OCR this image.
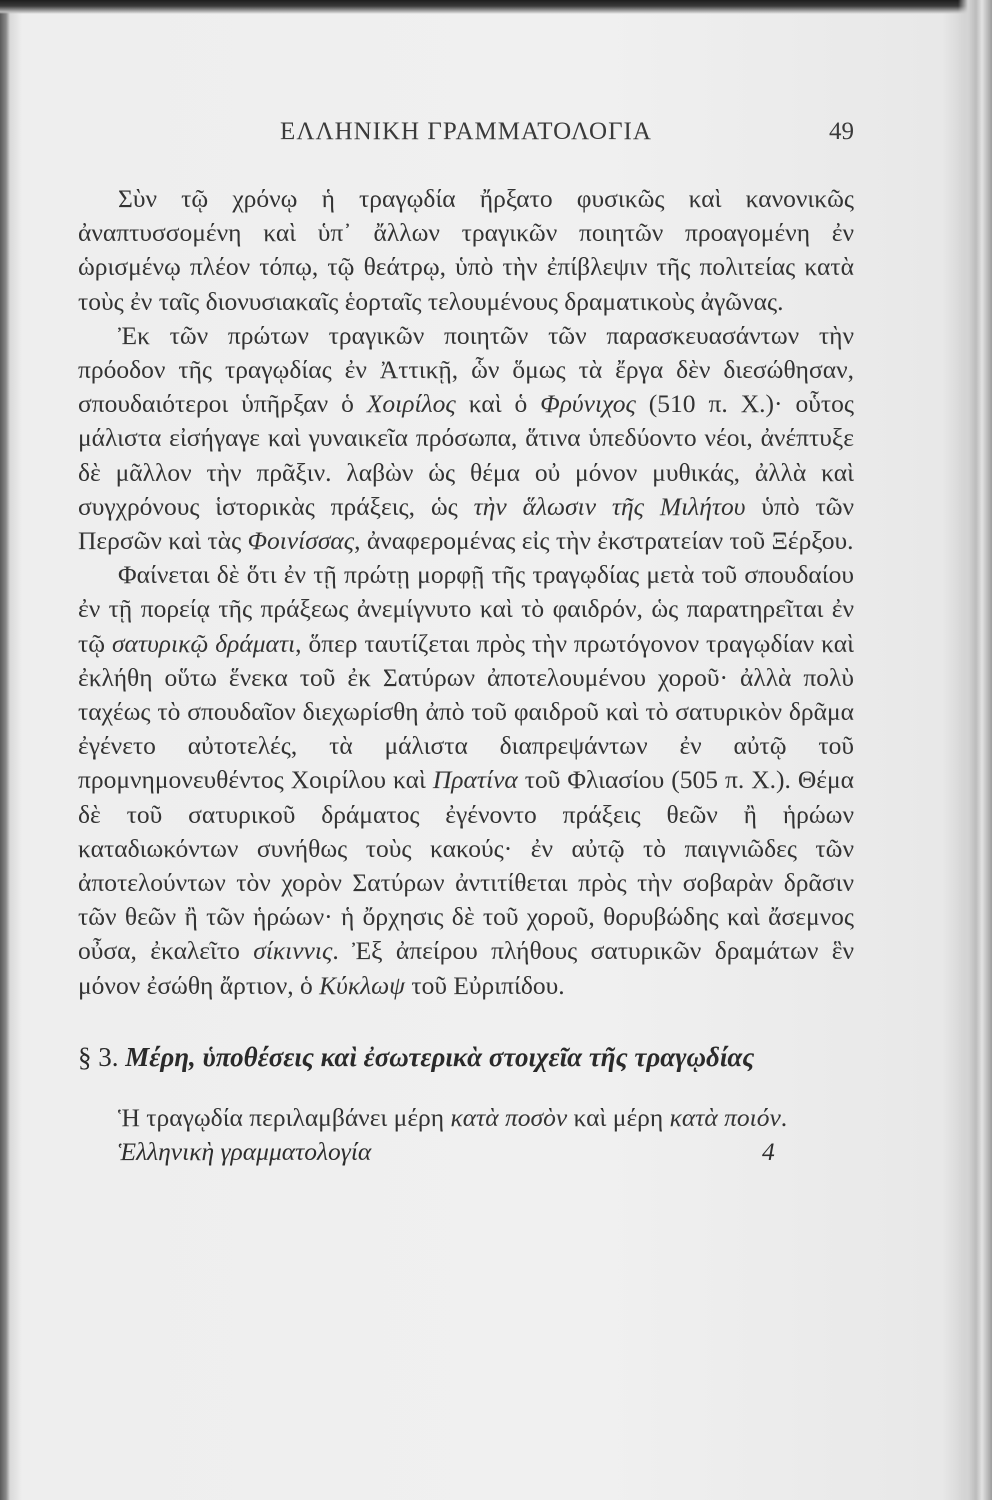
ΕΛΛΗΝΙΚΗ ΓΡΑΜΜΑΤΟΛΟΓΙΑ	49

Σὺν τῷ χρόνῳ ἡ τραγῳδία ἤρξατο φυσικῶς καὶ κανονικῶς ἀναπτυσσομένη καὶ ὑπ᾿ ἄλλων τραγικῶν ποιητῶν προαγομένη ἐν ὡρισμένῳ πλέον τόπῳ, τῷ θεάτρῳ, ὑπὸ τὴν ἐπίβλεψιν τῆς πολιτείας κατὰ τοὺς ἐν ταῖς διονυσιακαῖς ἑορταῖς τελουμένους δραματικοὺς ἀγῶνας.

Ἐκ τῶν πρώτων τραγικῶν ποιητῶν τῶν παρασκευασάντων τὴν πρόοδον τῆς τραγῳδίας ἐν Ἀττικῇ, ὧν ὅμως τὰ ἔργα δὲν διεσώθησαν, σπουδαιότεροι ὑπῆρξαν ὁ Χοιρίλος καὶ ὁ Φρύνιχος (510 π. Χ.)· οὗτος μάλιστα εἰσήγαγε καὶ γυναικεῖα πρόσωπα, ἅτινα ὑπεδύοντο νέοι, ἀνέπτυξε δὲ μᾶλλον τὴν πρᾶξιν. λαβὼν ὡς θέμα οὐ μόνον μυθικάς, ἀλλὰ καὶ συγχρόνους ἱστορικὰς πράξεις, ὡς τὴν ἅλωσιν τῆς Μιλήτου ὑπὸ τῶν Περσῶν καὶ τὰς Φοινίσσας, ἀναφερομένας εἰς τὴν ἐκστρατείαν τοῦ Ξέρξου.

Φαίνεται δὲ ὅτι ἐν τῇ πρώτῃ μορφῇ τῆς τραγῳδίας μετὰ τοῦ σπουδαίου ἐν τῇ πορείᾳ τῆς πράξεως ἀνεμίγνυτο καὶ τὸ φαιδρόν, ὡς παρατηρεῖται ἐν τῷ σατυρικῷ δράματι, ὅπερ ταυτίζεται πρὸς τὴν πρωτόγονον τραγῳδίαν καὶ ἐκλήθη οὕτω ἕνεκα τοῦ ἐκ Σατύρων ἀποτελουμένου χοροῦ· ἀλλὰ πολὺ ταχέως τὸ σπουδαῖον διεχωρίσθη ἀπὸ τοῦ φαιδροῦ καὶ τὸ σατυρικὸν δρᾶμα ἐγένετο αὐτοτελές, τὰ μάλιστα διαπρεψάντων ἐν αὐτῷ τοῦ προμνημονευθέντος Χοιρίλου καὶ Πρατίνα τοῦ Φλιασίου (505 π. Χ.). Θέμα δὲ τοῦ σατυρικοῦ δράματος ἐγένοντο πράξεις θεῶν ἢ ἡρώων καταδιωκόντων συνήθως τοὺς κακούς· ἐν αὐτῷ τὸ παιγνιῶδες τῶν ἀποτελούντων τὸν χορὸν Σατύρων ἀντιτίθεται πρὸς τὴν σοβαρὰν δρᾶσιν τῶν θεῶν ἢ τῶν ἡρώων· ἡ ὄρχησις δὲ τοῦ χοροῦ, θορυβώδης καὶ ἄσεμνος οὖσα, ἐκαλεῖτο σίκιννις. Ἐξ ἀπείρου πλήθους σατυρικῶν δραμάτων ἓν μόνον ἐσώθη ἄρτιον, ὁ Κύκλωψ τοῦ Εὐριπίδου.

§ 3. Μέρη, ὑποθέσεις καὶ ἐσωτερικὰ στοιχεῖα τῆς τραγῳδίας
Ἡ τραγῳδία περιλαμβάνει μέρη κατὰ ποσὸν καὶ μέρη κατὰ ποιόν.
Ἑλληνικὴ γραμματολογία	4
